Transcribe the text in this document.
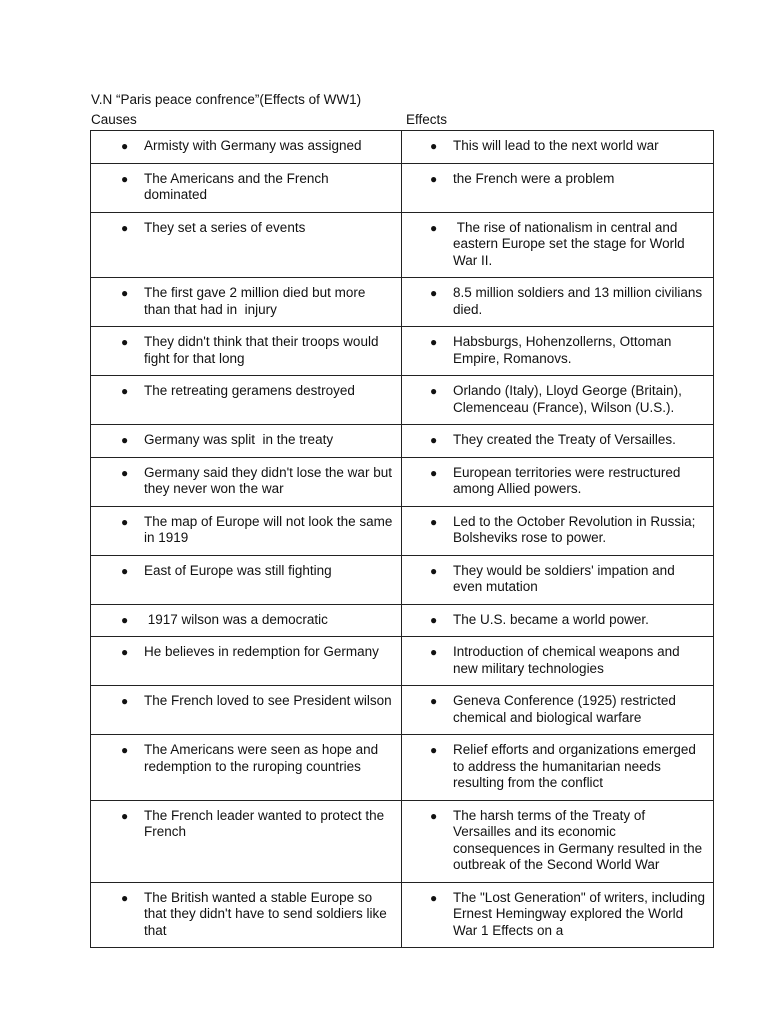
V.N “Paris peace confrence”(Effects of WW1)
Causes	Effects
● Armisty with Germany was assigned	● This will lead to the next world war

● The Americans and the French dominated	● the French were a problem

● They set a series of events	● The rise of nationalism in central and eastern Europe set the stage for World War II.

● The first gave 2 million died but more than that had in  injury	● 8.5 million soldiers and 13 million civilians died.

● They didn't think that their troops would fight for that long	● Habsburgs, Hohenzollerns, Ottoman Empire, Romanovs.

● The retreating geramens destroyed	● Orlando (Italy), Lloyd George (Britain), Clemenceau (France), Wilson (U.S.).

● Germany was split  in the treaty	● They created the Treaty of Versailles.

● Germany said they didn't lose the war but they never won the war	● European territories were restructured among Allied powers.

● The map of Europe will not look the same in 1919	● Led to the October Revolution in Russia; Bolsheviks rose to power.

● East of Europe was still fighting	● They would be soldiers' impation and even mutation

● 1917 wilson was a democratic	● The U.S. became a world power.

● He believes in redemption for Germany	● Introduction of chemical weapons and new military technologies

● The French loved to see President wilson	● Geneva Conference (1925) restricted chemical and biological warfare

● The Americans were seen as hope and redemption to the ruroping countries	● Relief efforts and organizations emerged to address the humanitarian needs resulting from the conflict

● The French leader wanted to protect the French	● The harsh terms of the Treaty of Versailles and its economic consequences in Germany resulted in the outbreak of the Second World War

● The British wanted a stable Europe so that they didn't have to send soldiers like that	● The "Lost Generation" of writers, including Ernest Hemingway explored the World War 1 Effects on a
